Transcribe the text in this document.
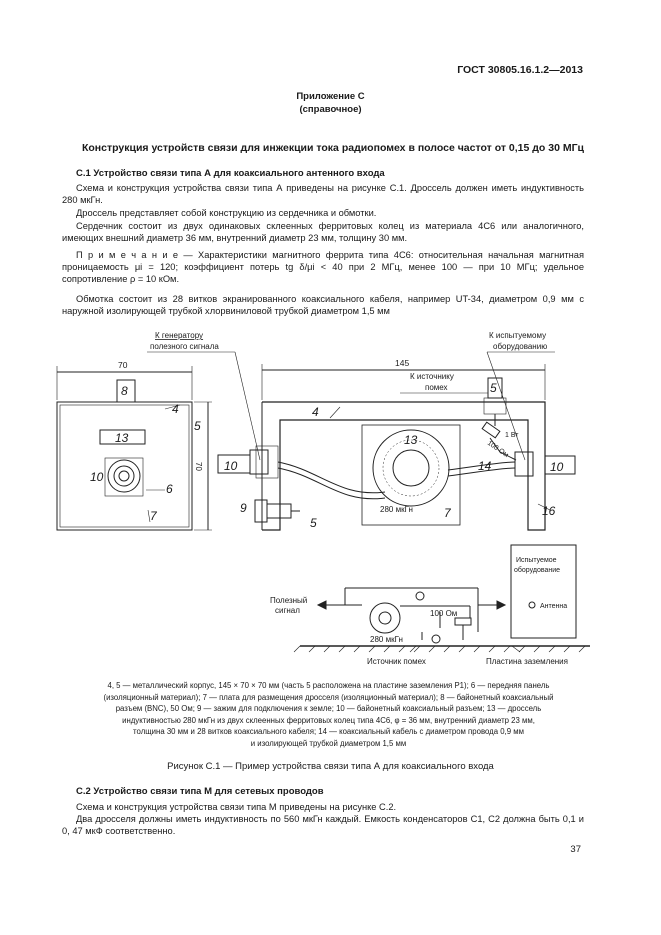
ГОСТ 30805.16.1.2—2013
Приложение С
(справочное)
Конструкция устройств связи для инжекции тока радиопомех в полосе частот от 0,15 до 30 МГц
С.1 Устройство связи типа А для коаксиального антенного входа
Схема и конструкция устройства связи типа А приведены на рисунке С.1. Дроссель должен иметь индуктивность 280 мкГн.
Дроссель представляет собой конструкцию из сердечника и обмотки.
Сердечник состоит из двух одинаковых склеенных ферритовых колец из материала 4С6 или аналогичного, имеющих внешний диаметр 36 мм, внутренний диаметр 23 мм, толщину 30 мм.
П р и м е ч а н и е — Характеристики магнитного феррита типа 4С6: относительная начальная магнитная проницаемость μi = 120; коэффициент потерь tg δ/μi < 40 при 2 МГц, менее 100 — при 10 МГц; удельное сопротивление ρ = 10 кОм.
Обмотка состоит из 28 витков экранированного коаксиального кабеля, например UT-34, диаметром 0,9 мм с наружной изолирующей трубкой хлорвиниловой трубкой диаметром 1,5 мм
К генератору
полезного сигнала
К испытуемому
оборудованию
К источнику
помех
70
70
145
8
4
5
13
10
6
7
4
10
9
5
13
14
7
5
10
16
1 Вт
100 Ом
280 мкГн
Полезный
сигнал
Испытуемое
оборудование
Антенна
100 Ом
280 мкГн
Источник помех	Пластина заземления
4, 5 — металлический корпус, 145 × 70 × 70 мм (часть 5 расположена на пластине заземления Р1); 6 — передняя панель
(изоляционный материал); 7 — плата для размещения дросселя (изоляционный материал); 8 — байонетный коаксиальный
разъем (BNC), 50 Ом; 9 — зажим для подключения к земле; 10 — байонетный коаксиальный разъем; 13 — дроссель
индуктивностью 280 мкГн из двух склеенных ферритовых колец типа 4С6, φ = 36 мм, внутренний диаметр 23 мм,
толщина 30 мм и 28 витков коаксиального кабеля; 14 — коаксиальный кабель с диаметром провода 0,9 мм
и изолирующей трубкой диаметром 1,5 мм
Рисунок С.1 — Пример устройства связи типа А для коаксиального входа
С.2 Устройство связи типа М для сетевых проводов
Схема и конструкция устройства связи типа М приведены на рисунке С.2.
Два дросселя должны иметь индуктивность по 560 мкГн каждый. Емкость конденсаторов С1, С2 должна быть 0,1 и 0, 47 мкФ соответственно.
37
